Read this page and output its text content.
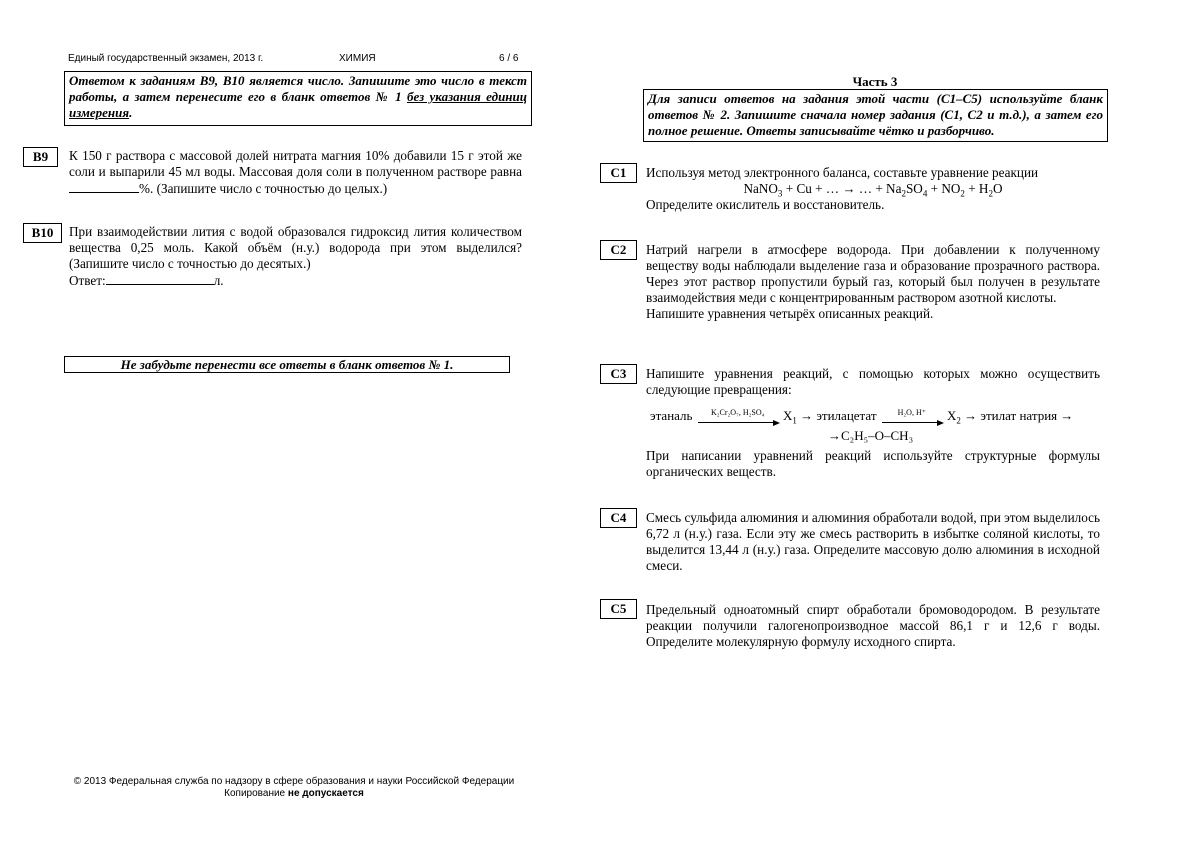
Единый государственный экзамен, 2013 г.	ХИМИЯ	6 / 6
Ответом к заданиям В9, В10 является число. Запишите это число в текст работы, а затем перенесите его в бланк ответов № 1 без указания единиц измерения.
В9	К 150 г раствора с массовой долей нитрата магния 10% добавили 15 г этой же соли и выпарили 45 мл воды. Массовая доля соли в полученном растворе равна %. (Запишите число с точностью до целых.)

В10	При взаимодействии лития с водой образовался гидроксид лития количеством вещества 0,25 моль. Какой объём (н.у.) водорода при этом выделился? (Запишите число с точностью до десятых.)

Ответ:	л.

Не забудьте перенести все ответы в бланк ответов № 1.
© 2013 Федеральная служба по надзору в сфере образования и науки Российской Федерации
Копирование не допускается
Часть 3
Для записи ответов на задания этой части (С1–С5) используйте бланк ответов № 2. Запишите сначала номер задания (С1, С2 и т.д.), а затем его полное решение. Ответы записывайте чётко и разборчиво.
С1	Используя метод электронного баланса, составьте уравнение реакции

NaNO$_3$ + Cu + … → … + $Na_2SO_4 + NO_2 + H_2O$

Определите окислитель и восстановитель.

С2	Натрий нагрели в атмосфере водорода. При добавлении к полученному веществу воды наблюдали выделение газа и образование прозрачного раствора. Через этот раствор пропустили бурый газ, который был получен в результате взаимодействия меди с концентрированным раствором азотной кислоты.

Напишите уравнения четырёх описанных реакций.

С3	Напишите уравнения реакций, с помощью которых можно осуществить следующие превращения:

этаналь	K₂Cr₂O₇, H₂SO₄	$X_1$ → этилацетат	H₂O, H⁺	$X_2$ → этилат натрия →
→C₂H₅–O–CH₃

При написании уравнений реакций используйте структурные формулы органических веществ.

С4	Смесь сульфида алюминия и алюминия обработали водой, при этом выделилось 6,72 л (н.у.) газа. Если эту же смесь растворить в избытке соляной кислоты, то выделится 13,44 л (н.у.) газа. Определите массовую долю алюминия в исходной смеси.

С5	Предельный одноатомный спирт обработали бромоводородом. В результате реакции получили галогенопроизводное массой 86,1 г и 12,6 г воды. Определите молекулярную формулу исходного спирта.
